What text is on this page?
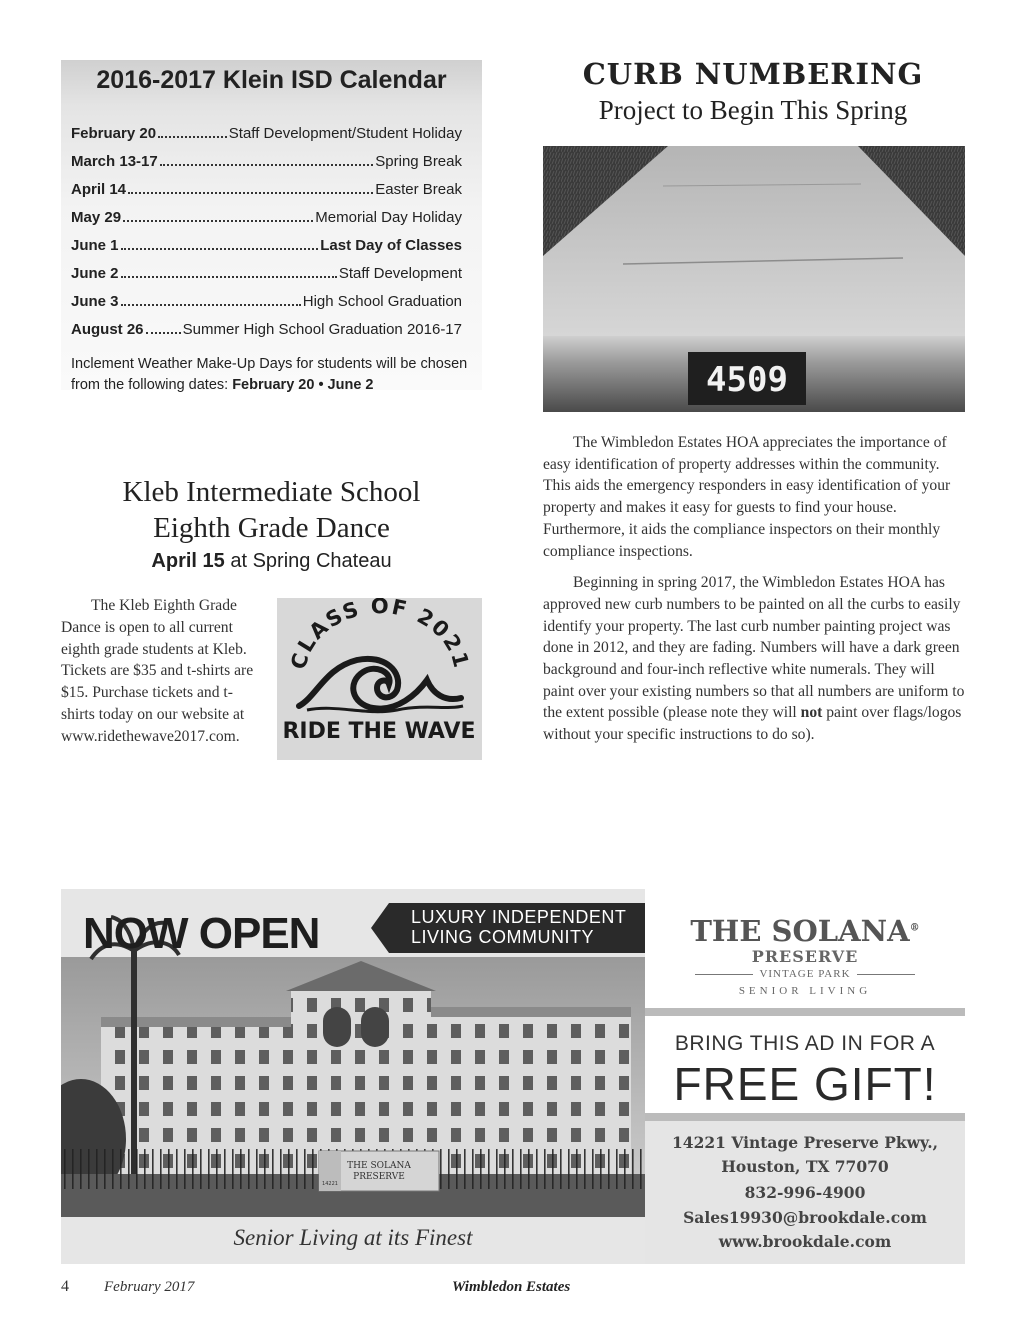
2016-2017 Klein ISD Calendar
February 20	Staff Development/Student Holiday
March 13-17	Spring Break
April 14	Easter Break
May 29	Memorial Day Holiday
June 1	Last Day of Classes
June 2	Staff Development
June 3	High School Graduation
August 26	Summer High School Graduation 2016-17
Inclement Weather Make-Up Days for students will be chosen from the following dates: February 20 • June 2
CURB NUMBERING
Project to Begin This Spring
4509

The Wimbledon Estates HOA appreciates the importance of easy identification of property addresses within the community. This aids the emergency responders in easy identification of your property and makes it easy for guests to find your house. Furthermore, it aids the compliance inspectors on their monthly compliance inspections.

Beginning in spring 2017, the Wimbledon Estates HOA has approved new curb numbers to be painted on all the curbs to easily identify your property. The last curb number painting project was done in 2012, and they are fading. Numbers will have a dark green background and four-inch reflective white numerals. They will paint over your existing numbers so that all numbers are uniform to the extent possible (please note they will not paint over flags/logos without your specific instructions to do so).

Kleb Intermediate School
Eighth Grade Dance
April 15 at Spring Chateau

The Kleb Eighth Grade Dance is open to all current eighth grade students at Kleb. Tickets are $35 and t-shirts are $15. Purchase tickets and t-shirts today on our website at www.ridethewave2017.com.

CLASS OF 2021
RIDE THE WAVE
THE SOLANA
PRESERVE
14221
NOW OPEN	LUXURY INDEPENDENT
LIVING COMMUNITY
Senior Living at its Finest
THE SOLANA®
PRESERVE
VINTAGE PARK
SENIOR LIVING
BRING THIS AD IN FOR A
FREE GIFT!
14221 Vintage Preserve Pkwy.,
Houston, TX 77070
832-996-4900
Sales19930@brookdale.com
www.brookdale.com
4 February 2017	Wimbledon Estates
